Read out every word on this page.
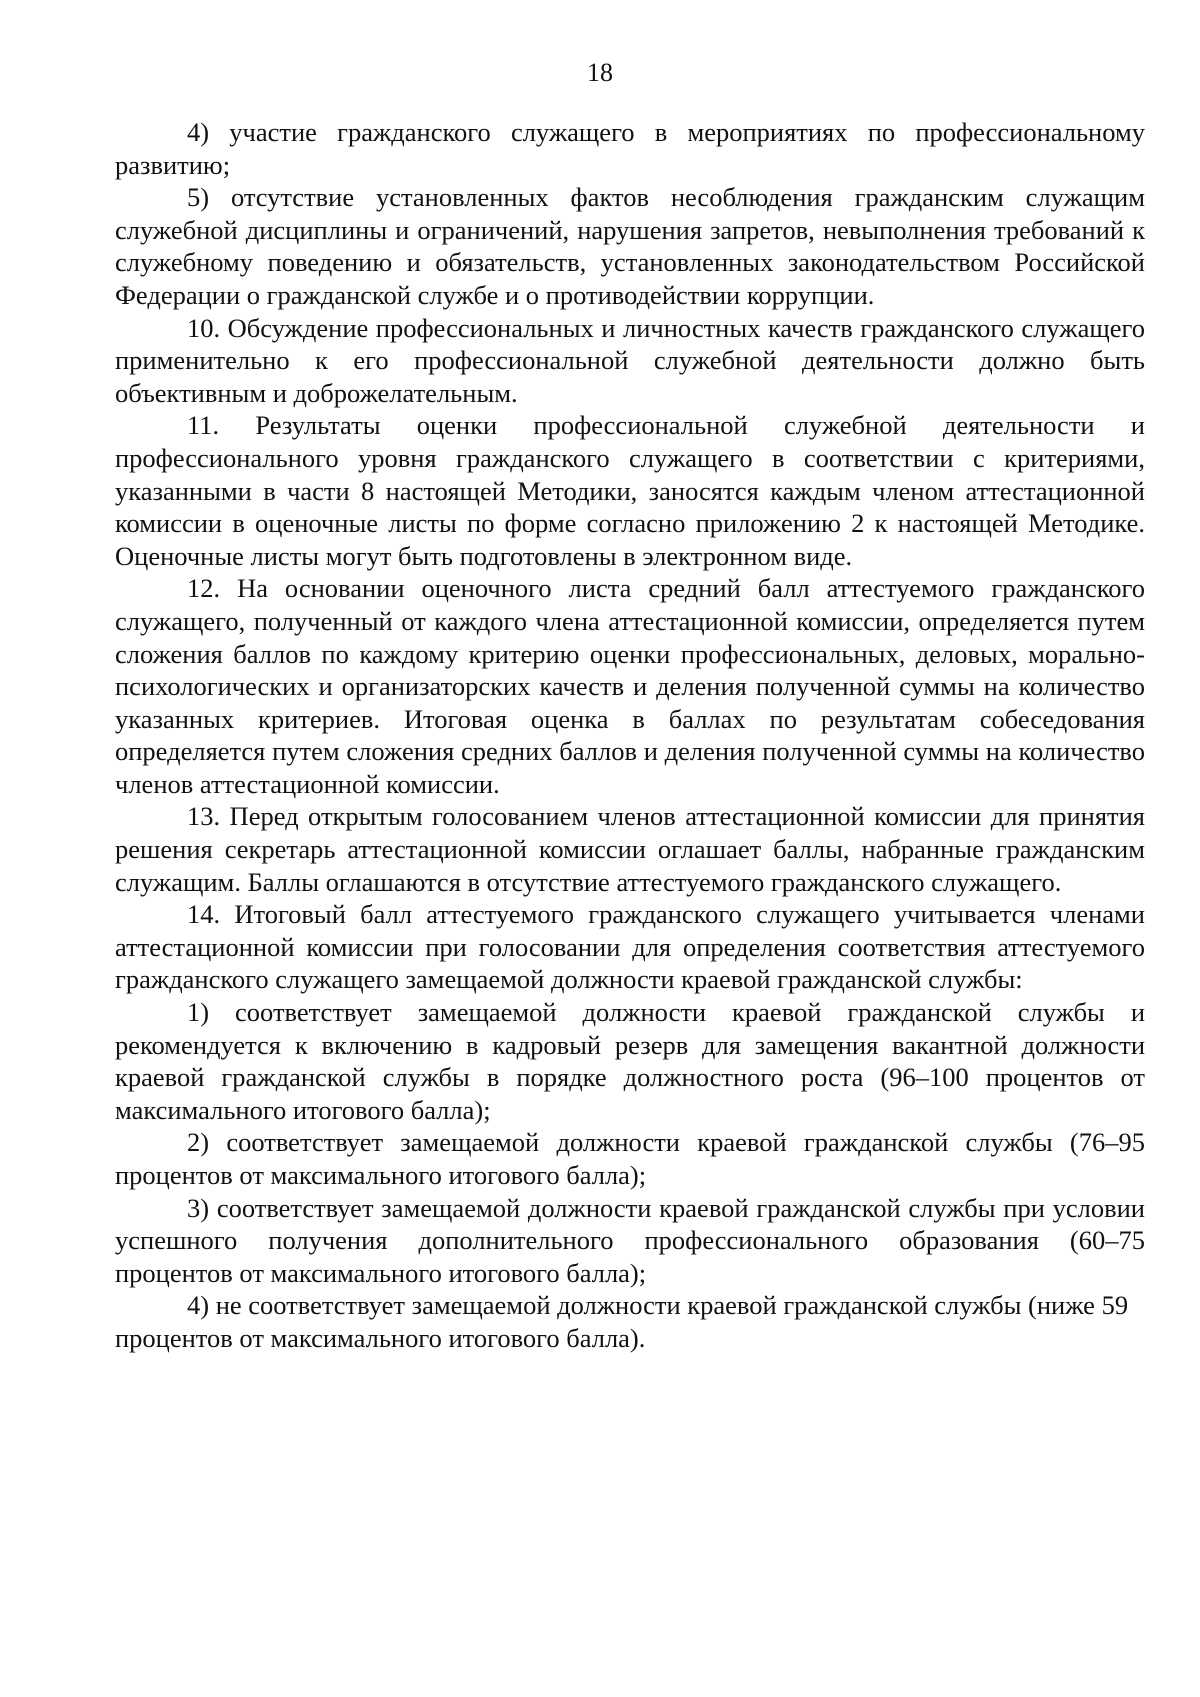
18

4) участие гражданского служащего в мероприятиях по профессиональному развитию;

5) отсутствие установленных фактов несоблюдения гражданским служащим служебной дисциплины и ограничений, нарушения запретов, невыполнения требований к служебному поведению и обязательств, установленных законодательством Российской Федерации о гражданской службе и о противодействии коррупции.

10. Обсуждение профессиональных и личностных качеств гражданского служащего применительно к его профессиональной служебной деятельности должно быть объективным и доброжелательным.

11. Результаты оценки профессиональной служебной деятельности и профессионального уровня гражданского служащего в соответствии с критериями, указанными в части 8 настоящей Методики, заносятся каждым членом аттестационной комиссии в оценочные листы по форме согласно приложению 2 к настоящей Методике. Оценочные листы могут быть подготовлены в электронном виде.

12. На основании оценочного листа средний балл аттестуемого гражданского служащего, полученный от каждого члена аттестационной комиссии, определяется путем сложения баллов по каждому критерию оценки профессиональных, деловых, морально-психологических и организаторских качеств и деления полученной суммы на количество указанных критериев. Итоговая оценка в баллах по результатам собеседования определяется путем сложения средних баллов и деления полученной суммы на количество членов аттестационной комиссии.

13. Перед открытым голосованием членов аттестационной комиссии для принятия решения секретарь аттестационной комиссии оглашает баллы, набранные гражданским служащим. Баллы оглашаются в отсутствие аттестуемого гражданского служащего.

14. Итоговый балл аттестуемого гражданского служащего учитывается членами аттестационной комиссии при голосовании для определения соответствия аттестуемого гражданского служащего замещаемой должности краевой гражданской службы:

1) соответствует замещаемой должности краевой гражданской службы и рекомендуется к включению в кадровый резерв для замещения вакантной должности краевой гражданской службы в порядке должностного роста (96–100 процентов от максимального итогового балла);

2) соответствует замещаемой должности краевой гражданской службы (76–95 процентов от максимального итогового балла);

3) соответствует замещаемой должности краевой гражданской службы при условии успешного получения дополнительного профессионального образования (60–75 процентов от максимального итогового балла);

4) не соответствует замещаемой должности краевой гражданской службы (ниже 59 процентов от максимального итогового балла).
